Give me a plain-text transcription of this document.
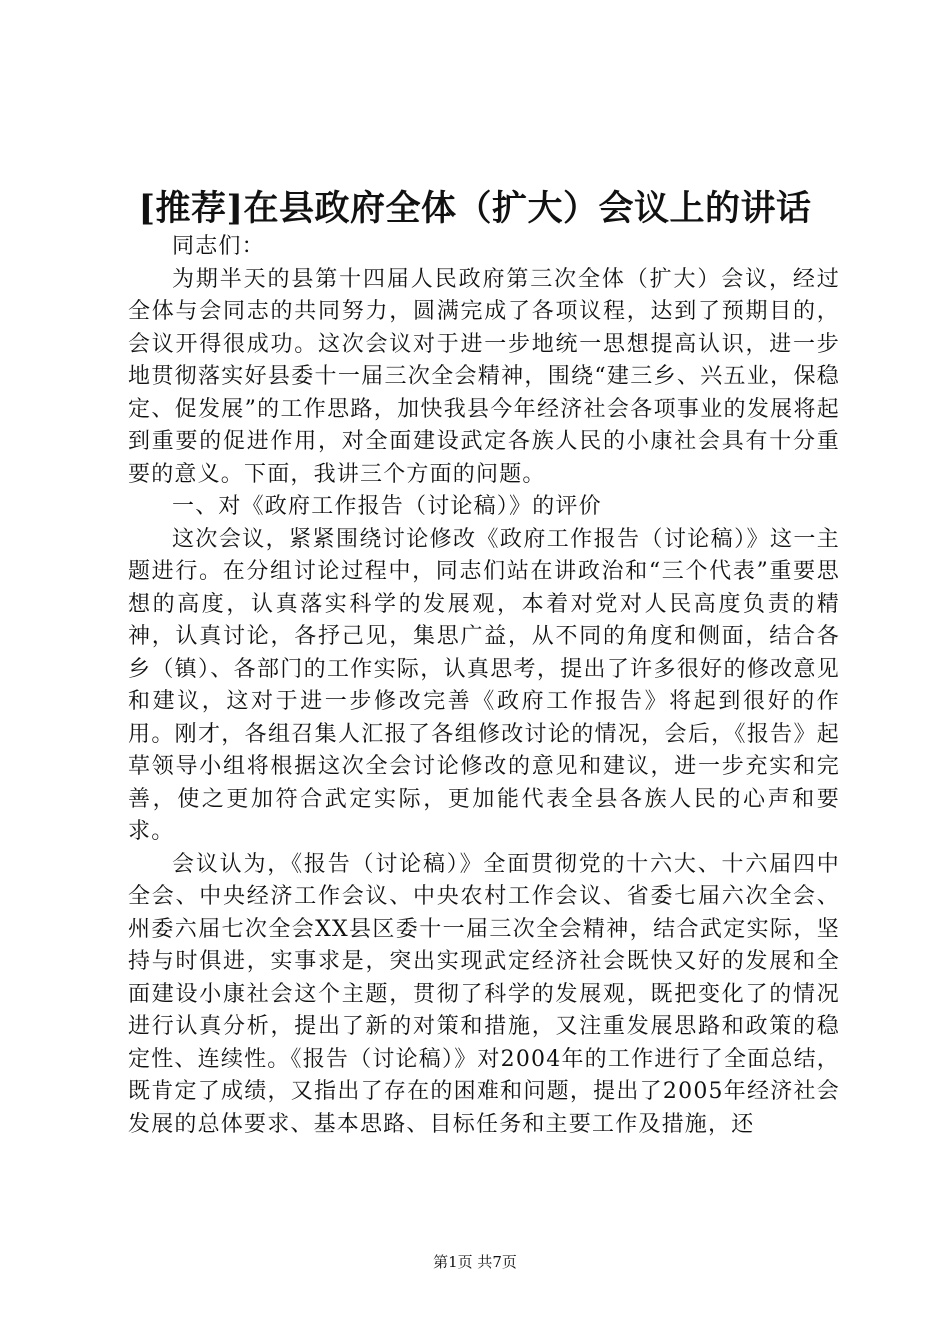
[推荐]在县政府全体（扩大）会议上的讲话

同志们：

为期半天的县第十四届人民政府第三次全体（扩大）会议，经过全体与会同志的共同努力，圆满完成了各项议程，达到了预期目的，会议开得很成功。这次会议对于进一步地统一思想提高认识，进一步地贯彻落实好县委十一届三次全会精神，围绕“建三乡、兴五业，保稳定、促发展”的工作思路，加快我县今年经济社会各项事业的发展将起到重要的促进作用，对全面建设武定各族人民的小康社会具有十分重要的意义。下面，我讲三个方面的问题。

一、对《政府工作报告（讨论稿）》的评价

这次会议，紧紧围绕讨论修改《政府工作报告（讨论稿）》这一主题进行。在分组讨论过程中，同志们站在讲政治和“三个代表”重要思想的高度，认真落实科学的发展观，本着对党对人民高度负责的精神，认真讨论，各抒己见，集思广益，从不同的角度和侧面，结合各乡（镇）、各部门的工作实际，认真思考，提出了许多很好的修改意见和建议，这对于进一步修改完善《政府工作报告》将起到很好的作用。刚才，各组召集人汇报了各组修改讨论的情况，会后，《报告》起草领导小组将根据这次全会讨论修改的意见和建议，进一步充实和完善，使之更加符合武定实际，更加能代表全县各族人民的心声和要求。

会议认为，《报告（讨论稿）》全面贯彻党的十六大、十六届四中全会、中央经济工作会议、中央农村工作会议、省委七届六次全会、州委六届七次全会XX县区委十一届三次全会精神，结合武定实际，坚持与时俱进，实事求是，突出实现武定经济社会既快又好的发展和全面建设小康社会这个主题，贯彻了科学的发展观，既把变化了的情况进行认真分析，提出了新的对策和措施，又注重发展思路和政策的稳定性、连续性。《报告（讨论稿）》对2004年的工作进行了全面总结，既肯定了成绩，又指出了存在的困难和问题，提出了2005年经济社会发展的总体要求、基本思路、目标任务和主要工作及措施，还

第1页 共7页
